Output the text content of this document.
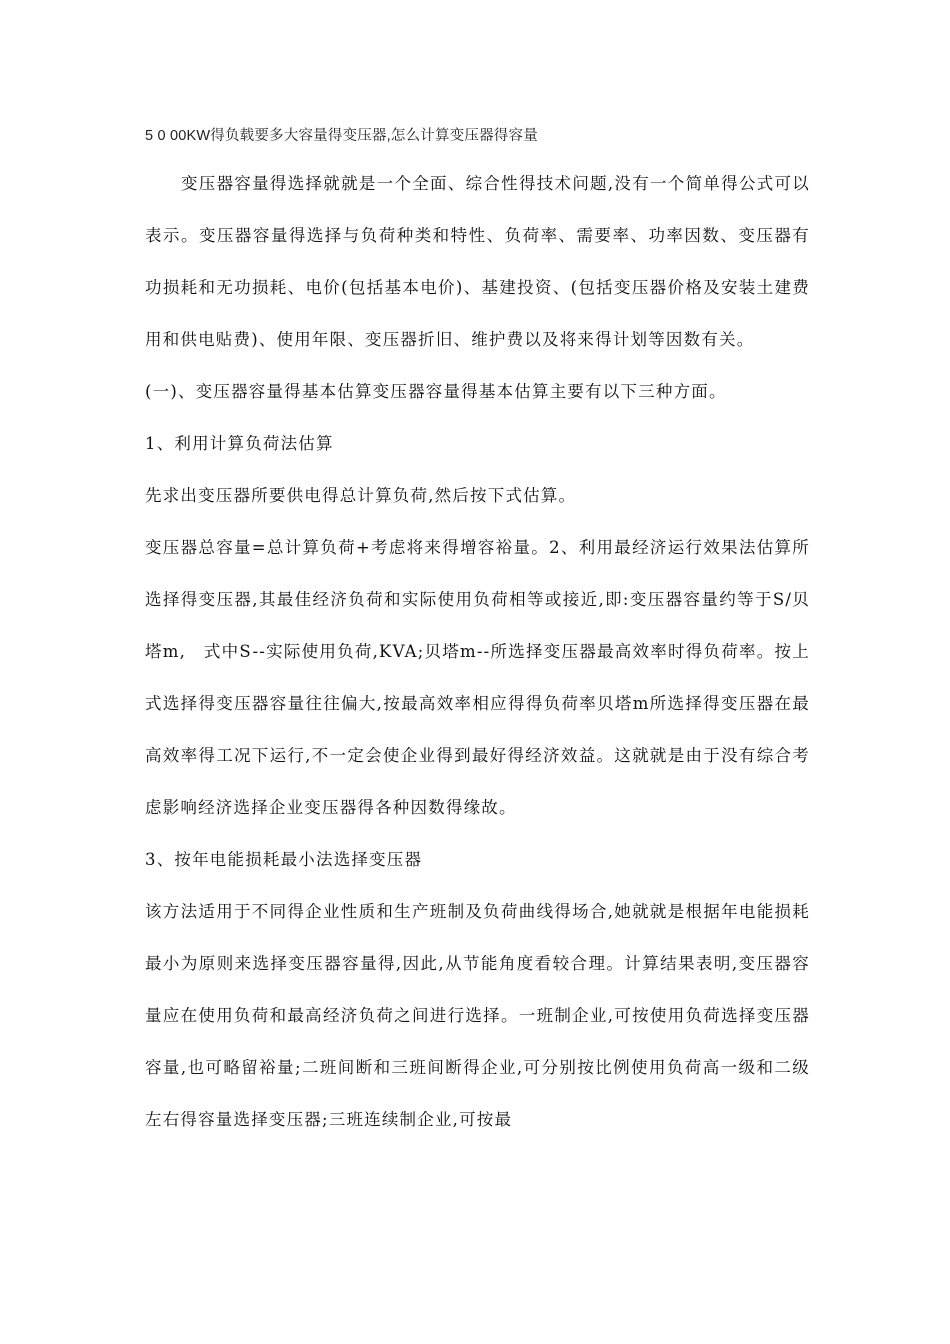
5 0 00KW得负载要多大容量得变压器,怎么计算变压器得容量

变压器容量得选择就就是一个全面、综合性得技术问题,没有一个简单得公式可以表示。变压器容量得选择与负荷种类和特性、负荷率、需要率、功率因数、变压器有功损耗和无功损耗、电价(包括基本电价)、基建投资、(包括变压器价格及安装土建费用和供电贴费)、使用年限、变压器折旧、维护费以及将来得计划等因数有关。

(一)、变压器容量得基本估算变压器容量得基本估算主要有以下三种方面。

1、利用计算负荷法估算

先求出变压器所要供电得总计算负荷,然后按下式估算。

变压器总容量=总计算负荷+考虑将来得增容裕量。2、利用最经济运行效果法估算所选择得变压器,其最佳经济负荷和实际使用负荷相等或接近,即:变压器容量约等于S/贝塔m,　式中S--实际使用负荷,KVA;贝塔m--所选择变压器最高效率时得负荷率。按上式选择得变压器容量往往偏大,按最高效率相应得得负荷率贝塔m所选择得变压器在最高效率得工况下运行,不一定会使企业得到最好得经济效益。这就就是由于没有综合考虑影响经济选择企业变压器得各种因数得缘故。

3、按年电能损耗最小法选择变压器

该方法适用于不同得企业性质和生产班制及负荷曲线得场合,她就就是根据年电能损耗最小为原则来选择变压器容量得,因此,从节能角度看较合理。计算结果表明,变压器容量应在使用负荷和最高经济负荷之间进行选择。一班制企业,可按使用负荷选择变压器容量,也可略留裕量;二班间断和三班间断得企业,可分别按比例使用负荷高一级和二级左右得容量选择变压器;三班连续制企业,可按最
